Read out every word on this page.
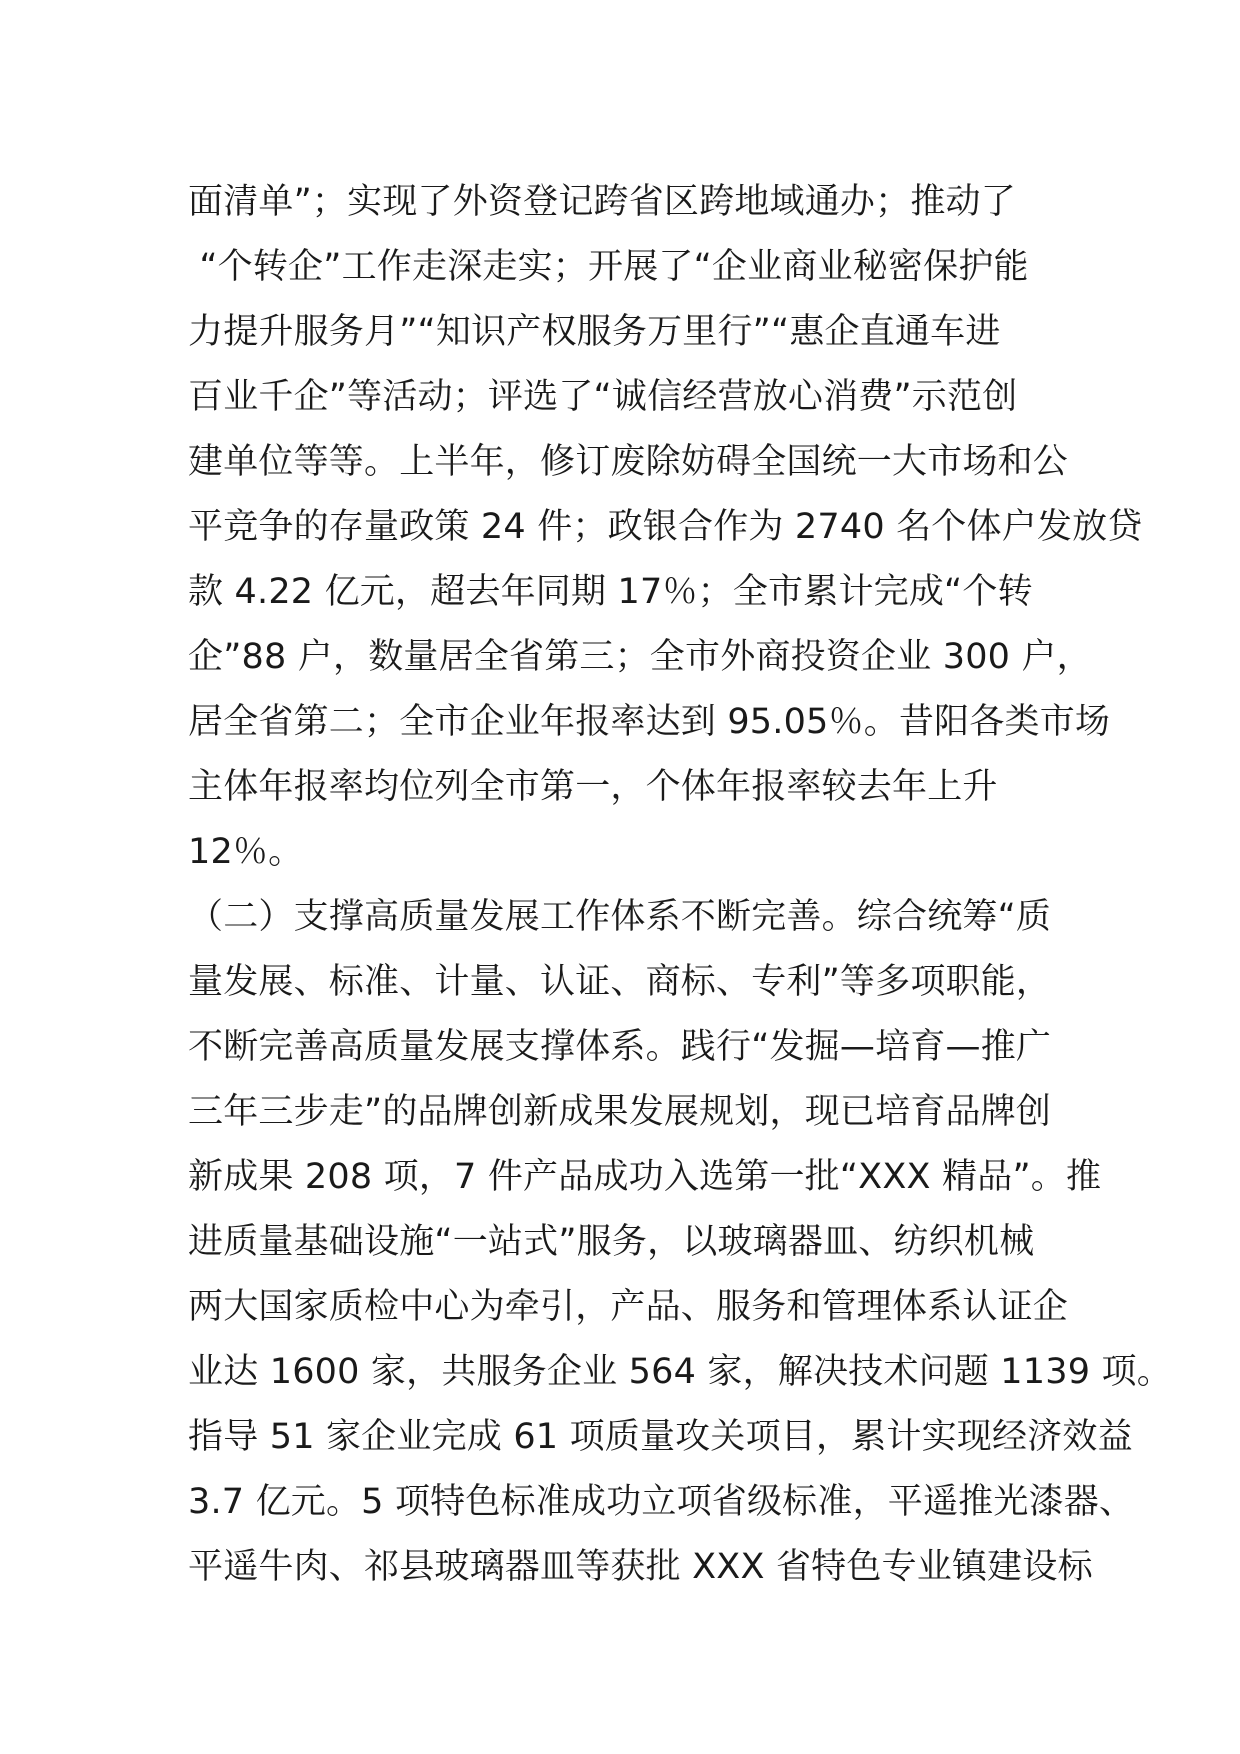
面清单”；实现了外资登记跨省区跨地域通办；推动了
“个转企”工作走深走实；开展了“企业商业秘密保护能
力提升服务月”“知识产权服务万里行”“惠企直通车进
百业千企”等活动；评选了“诚信经营放心消费”示范创
建单位等等。上半年，修订废除妨碍全国统一大市场和公
平竞争的存量政策 24 件；政银合作为 2740 名个体户发放贷
款 4.22 亿元，超去年同期 17％；全市累计完成“个转
企”88 户，数量居全省第三；全市外商投资企业 300 户，
居全省第二；全市企业年报率达到 95.05％。昔阳各类市场
主体年报率均位列全市第一，个体年报率较去年上升
12％。
（二）支撑高质量发展工作体系不断完善。综合统筹“质
量发展、标准、计量、认证、商标、专利”等多项职能，
不断完善高质量发展支撑体系。践行“发掘—培育—推广
三年三步走”的品牌创新成果发展规划，现已培育品牌创
新成果 208 项，7 件产品成功入选第一批“XXX 精品”。推
进质量基础设施“一站式”服务，以玻璃器皿、纺织机械
两大国家质检中心为牵引，产品、服务和管理体系认证企
业达 1600 家，共服务企业 564 家，解决技术问题 1139 项。
指导 51 家企业完成 61 项质量攻关项目，累计实现经济效益
3.7 亿元。5 项特色标准成功立项省级标准，平遥推光漆器、
平遥牛肉、祁县玻璃器皿等获批 XXX 省特色专业镇建设标
